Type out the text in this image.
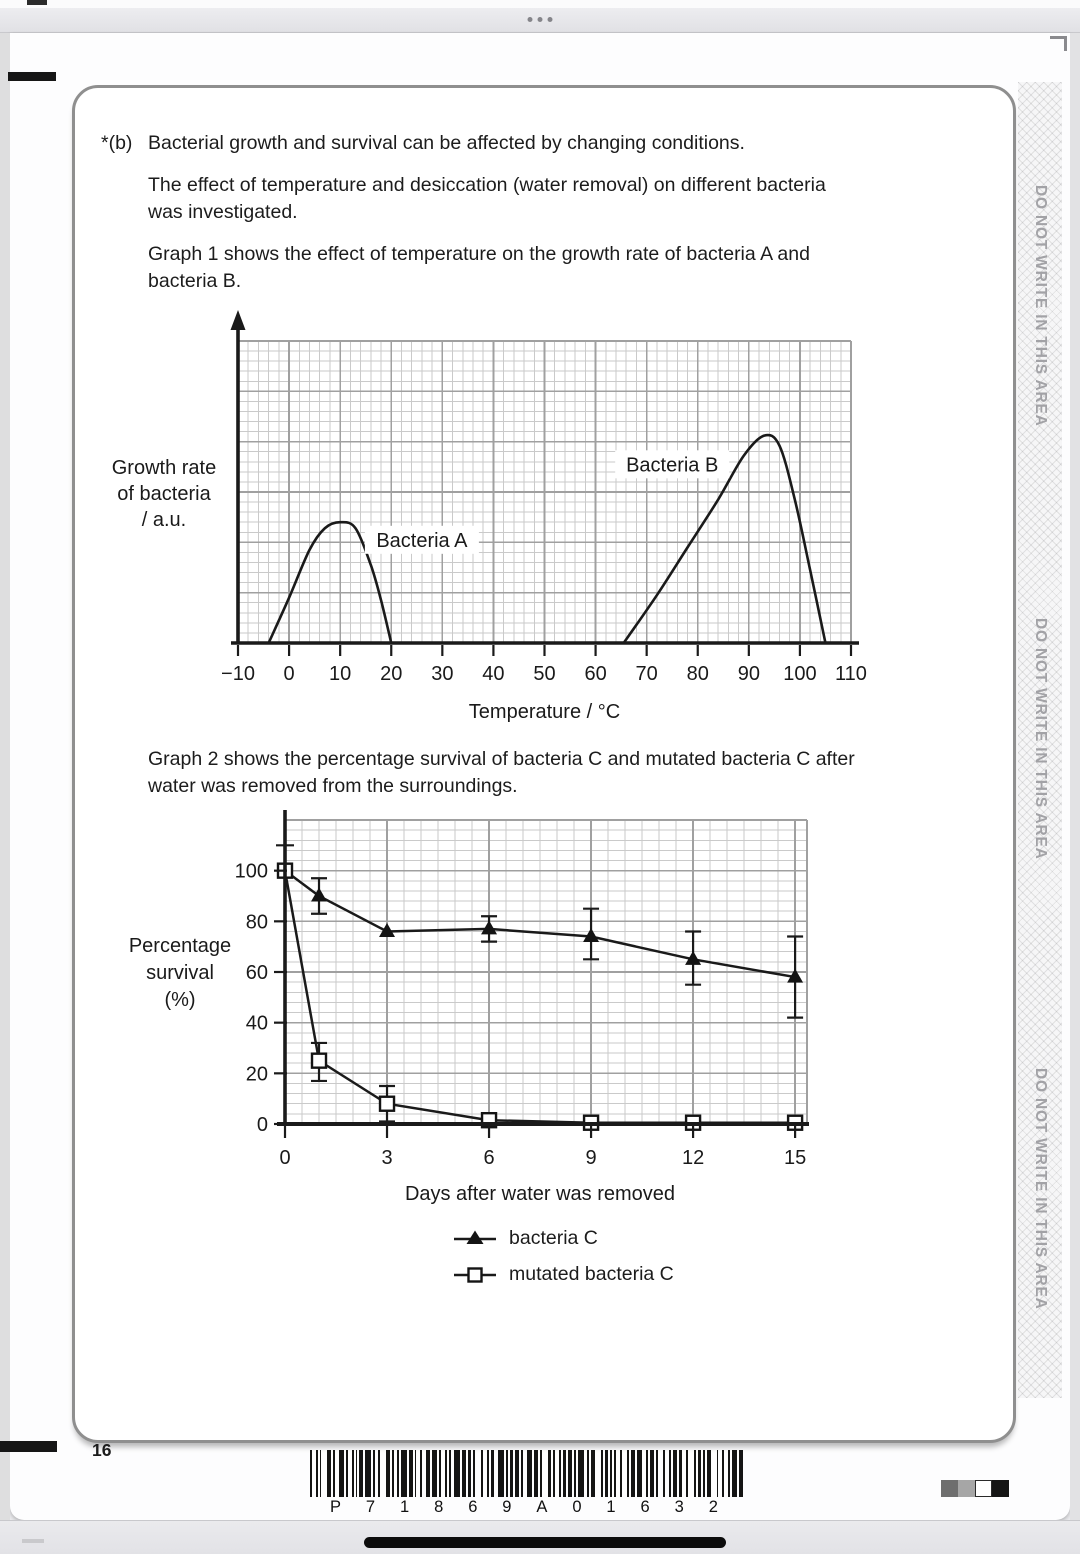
DO NOT WRITE IN THIS AREA
DO NOT WRITE IN THIS AREA
DO NOT WRITE IN THIS AREA
*(b) Bacterial growth and survival can be affected by changing conditions.
The effect of temperature and desiccation (water removal) on different bacteria
was investigated.
Graph 1 shows the effect of temperature on the growth rate of bacteria A and
bacteria B.
Bacteria A
Bacteria B
−10 0 10 20 30 40 50 60 70 80 90 100 110
Temperature / °C
Growth rate
of bacteria
/ a.u.
Graph 2 shows the percentage survival of bacteria C and mutated bacteria C after
water was removed from the surroundings.
0
20
40
60
80
100
0	3	6	9	12	15
Days after water was removed
Percentage
survival
(%)
bacteria C
mutated bacteria C
16
P 7 1 8 6 9 A 0 1 6 3 2
